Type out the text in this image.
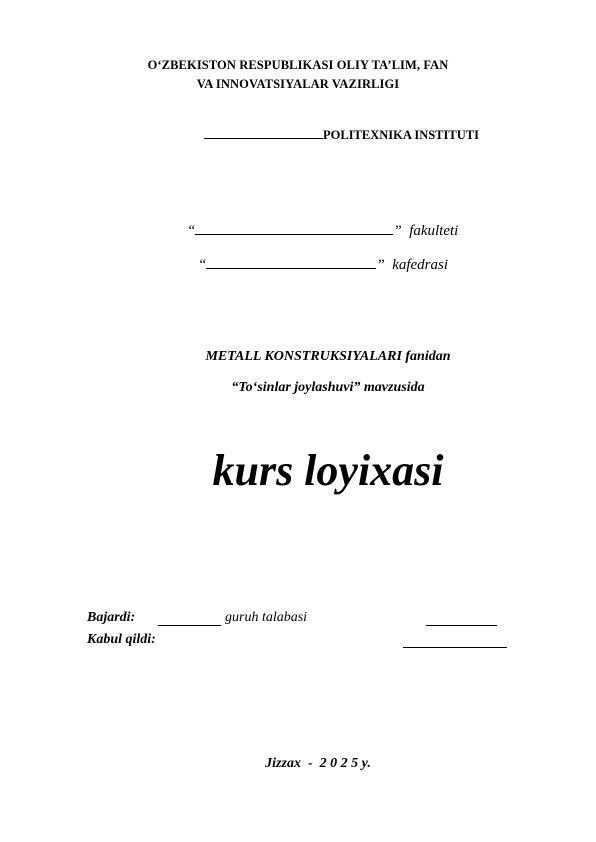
O‘ZBEKISTON RESPUBLIKASI OLIY TA’LIM, FAN
VA INNOVATSIYALAR VAZIRLIGI
POLITEXNIKA INSTITUTI
“	” fakulteti
“	” kafedrasi
METALL KONSTRUKSIYALARI fanidan
“To‘sinlar joylashuvi” mavzusida
kurs loyixasi
Bajardi:	guruh talabasi
Kabul qildi:
Jizzax  -  2 0 2 5 y.
